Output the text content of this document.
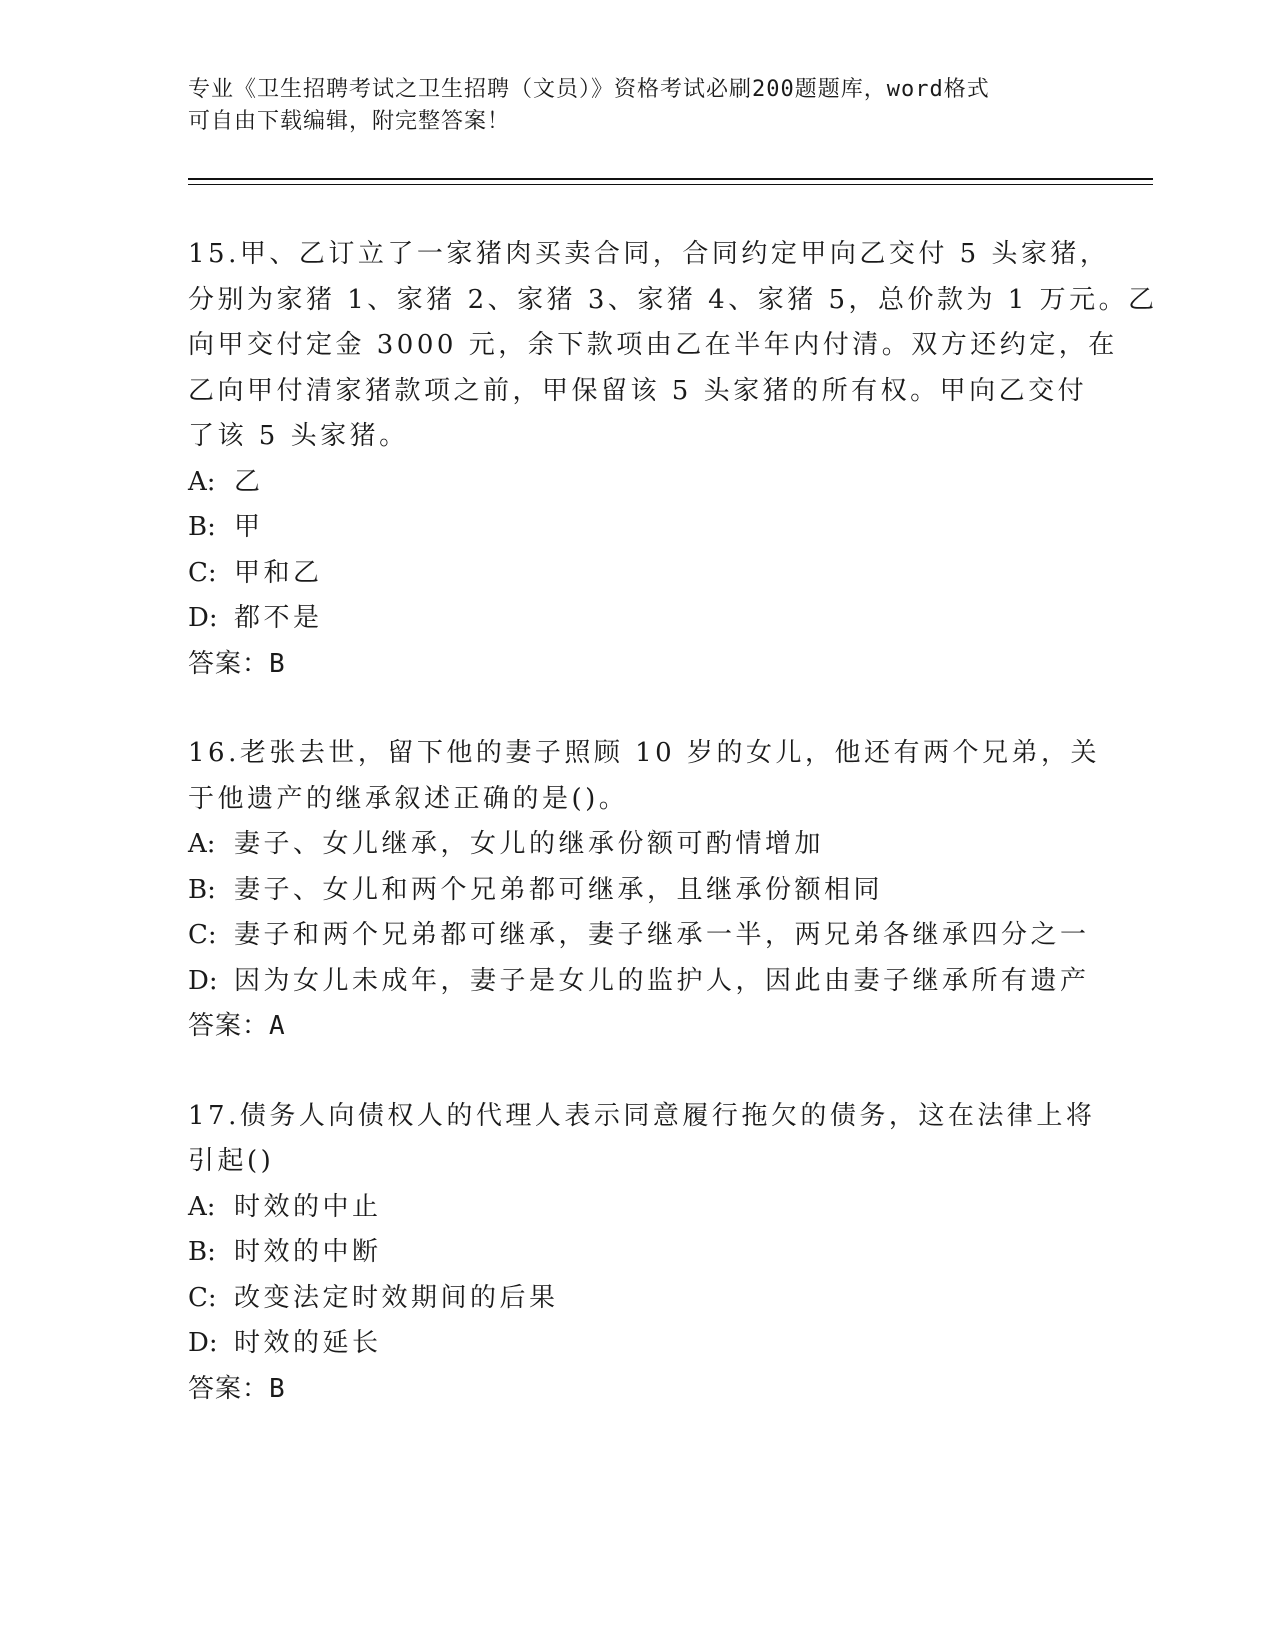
专业《卫生招聘考试之卫生招聘（文员）》资格考试必刷200题题库，word格式
可自由下载编辑，附完整答案！
15.甲、乙订立了一家猪肉买卖合同，合同约定甲向乙交付 5 头家猪，
分别为家猪 1、家猪 2、家猪 3、家猪 4、家猪 5，总价款为 1 万元。乙
向甲交付定金 3000 元，余下款项由乙在半年内付清。双方还约定，在
乙向甲付清家猪款项之前，甲保留该 5 头家猪的所有权。甲向乙交付
了该 5 头家猪。
A: 乙
B: 甲
C: 甲和乙
D: 都不是
答案：B
16.老张去世，留下他的妻子照顾 10 岁的女儿，他还有两个兄弟，关
于他遗产的继承叙述正确的是()。
A: 妻子、女儿继承，女儿的继承份额可酌情增加
B: 妻子、女儿和两个兄弟都可继承，且继承份额相同
C: 妻子和两个兄弟都可继承，妻子继承一半，两兄弟各继承四分之一
D: 因为女儿未成年，妻子是女儿的监护人，因此由妻子继承所有遗产
答案：A
17.债务人向债权人的代理人表示同意履行拖欠的债务，这在法律上将
引起()
A: 时效的中止
B: 时效的中断
C: 改变法定时效期间的后果
D: 时效的延长
答案：B
